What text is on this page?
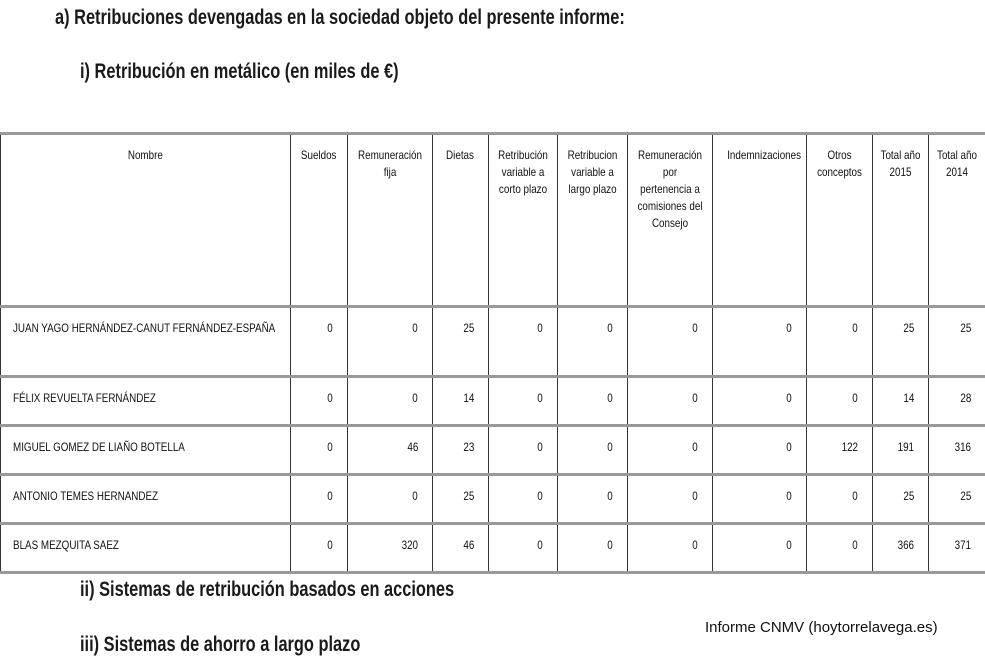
a) Retribuciones devengadas en la sociedad objeto del presente informe:
i) Retribución en metálico (en miles de €)
Nombre	Sueldos	Remuneración fija	Dietas	Retribución variable a corto plazo	Retribucion variable a largo plazo	Remuneración por pertenencia a comisiones del Consejo	Indemnizaciones	Otros conceptos	Total año 2015	Total año 2014
JUAN YAGO HERNÁNDEZ-CANUT FERNÁNDEZ-ESPAÑA	0	0	25	0	0	0	0	0	25	25
FÉLIX REVUELTA FERNÁNDEZ	0	0	14	0	0	0	0	0	14	28
MIGUEL GOMEZ DE LIAÑO BOTELLA	0	46	23	0	0	0	0	122	191	316
ANTONIO TEMES HERNANDEZ	0	0	25	0	0	0	0	0	25	25
BLAS MEZQUITA SAEZ	0	320	46	0	0	0	0	0	366	371
ii) Sistemas de retribución basados en acciones
iii) Sistemas de ahorro a largo plazo
Informe CNMV (hoytorrelavega.es)
